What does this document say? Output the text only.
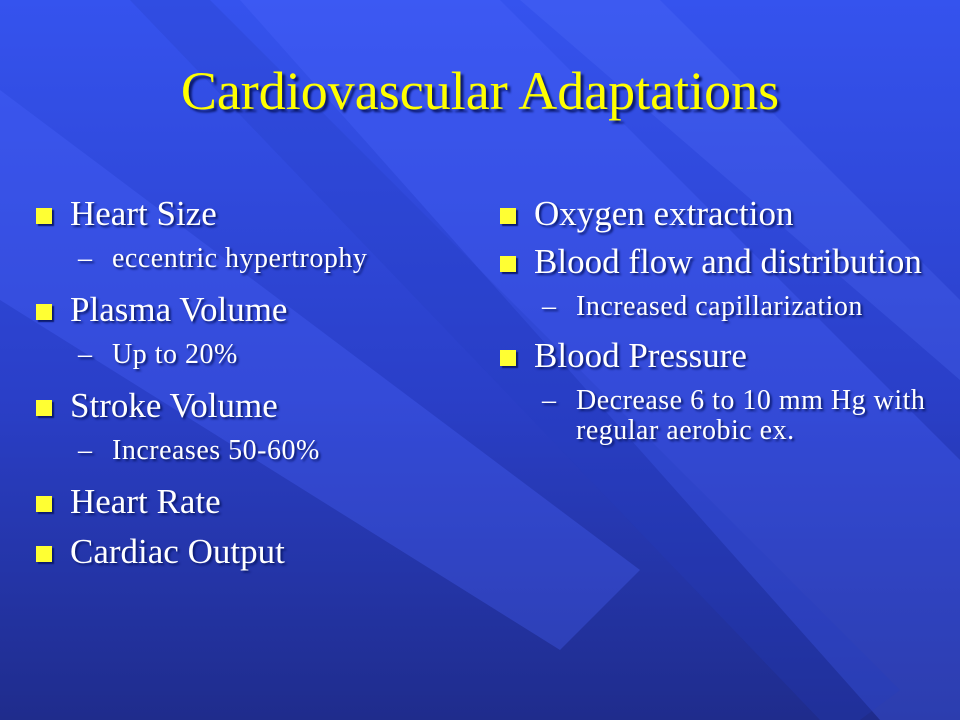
Cardiovascular Adaptations
Heart Size
– eccentric hypertrophy
Plasma Volume
– Up to 20%
Stroke Volume
– Increases 50-60%
Heart Rate
Cardiac Output
Oxygen extraction
Blood flow and distribution
– Increased capillarization
Blood Pressure
– Decrease 6 to 10 mm Hg with regular aerobic ex.
